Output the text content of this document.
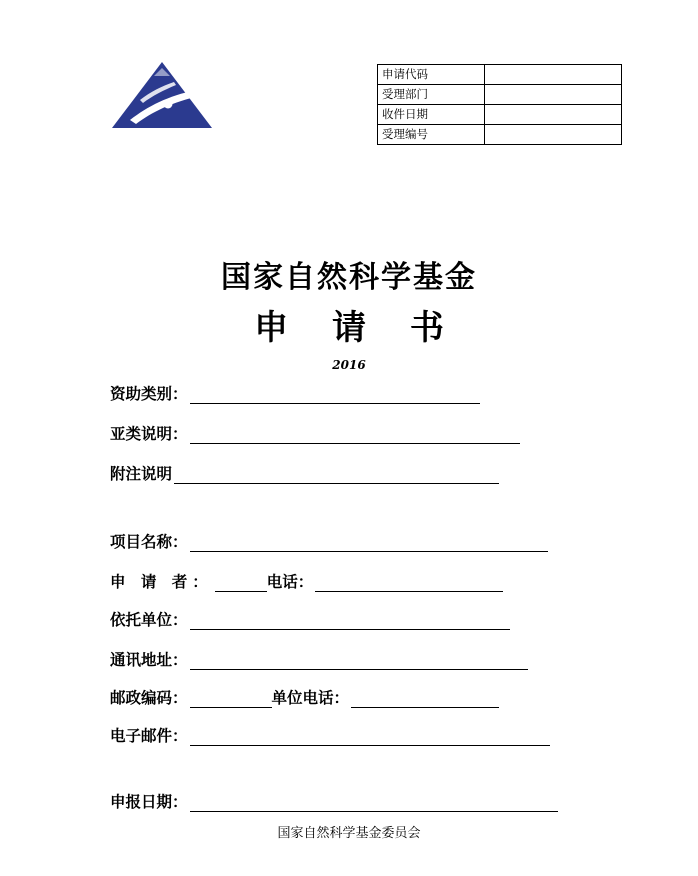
申请代码	
受理部门	
收件日期	
受理编号	
国家自然科学基金
申 请 书
2016
资助类别：
亚类说明：
附注说明
项目名称：
申 请 者：	电话：
依托单位：
通讯地址：
邮政编码：	单位电话：
电子邮件：
申报日期：
国家自然科学基金委员会
